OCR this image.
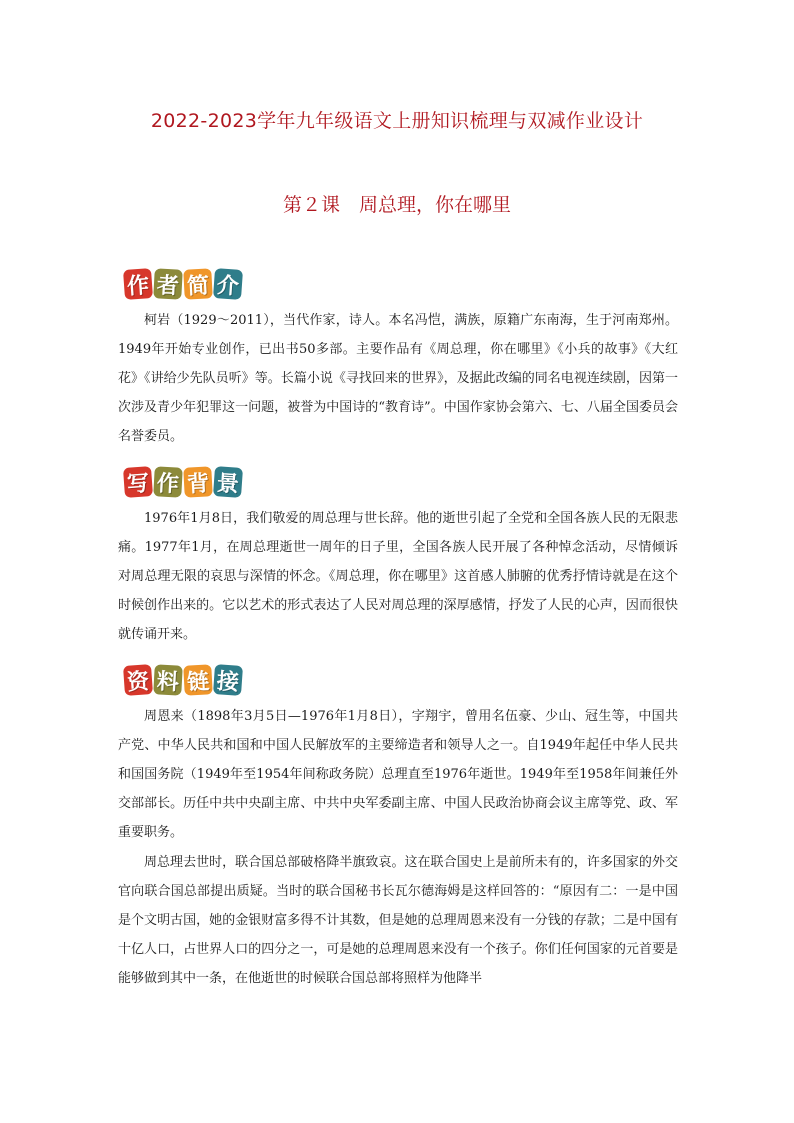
2022-2023学年九年级语文上册知识梳理与双减作业设计
第２课　周总理，你在哪里
作 者 简 介

柯岩（1929～2011），当代作家，诗人。本名冯恺，满族，原籍广东南海，生于河南郑州。1949年开始专业创作，已出书50多部。主要作品有《周总理，你在哪里》《小兵的故事》《大红花》《讲给少先队员听》等。长篇小说《寻找回来的世界》，及据此改编的同名电视连续剧，因第一次涉及青少年犯罪这一问题，被誉为中国诗的“教育诗”。中国作家协会第六、七、八届全国委员会名誉委员。

写 作 背 景

1976年1月8日，我们敬爱的周总理与世长辞。他的逝世引起了全党和全国各族人民的无限悲痛。1977年1月，在周总理逝世一周年的日子里，全国各族人民开展了各种悼念活动，尽情倾诉对周总理无限的哀思与深情的怀念。《周总理，你在哪里》这首感人肺腑的优秀抒情诗就是在这个时候创作出来的。它以艺术的形式表达了人民对周总理的深厚感情，抒发了人民的心声，因而很快就传诵开来。

资 料 链 接

周恩来（1898年3月5日—1976年1月8日），字翔宇，曾用名伍豪、少山、冠生等，中国共产党、中华人民共和国和中国人民解放军的主要缔造者和领导人之一。自1949年起任中华人民共和国国务院（1949年至1954年间称政务院）总理直至1976年逝世。1949年至1958年间兼任外交部部长。历任中共中央副主席、中共中央军委副主席、中国人民政治协商会议主席等党、政、军重要职务。

周总理去世时，联合国总部破格降半旗致哀。这在联合国史上是前所未有的，许多国家的外交官向联合国总部提出质疑。当时的联合国秘书长瓦尔德海姆是这样回答的：“原因有二：一是中国是个文明古国，她的金银财富多得不计其数，但是她的总理周恩来没有一分钱的存款；二是中国有十亿人口，占世界人口的四分之一，可是她的总理周恩来没有一个孩子。你们任何国家的元首要是能够做到其中一条，在他逝世的时候联合国总部将照样为他降半
